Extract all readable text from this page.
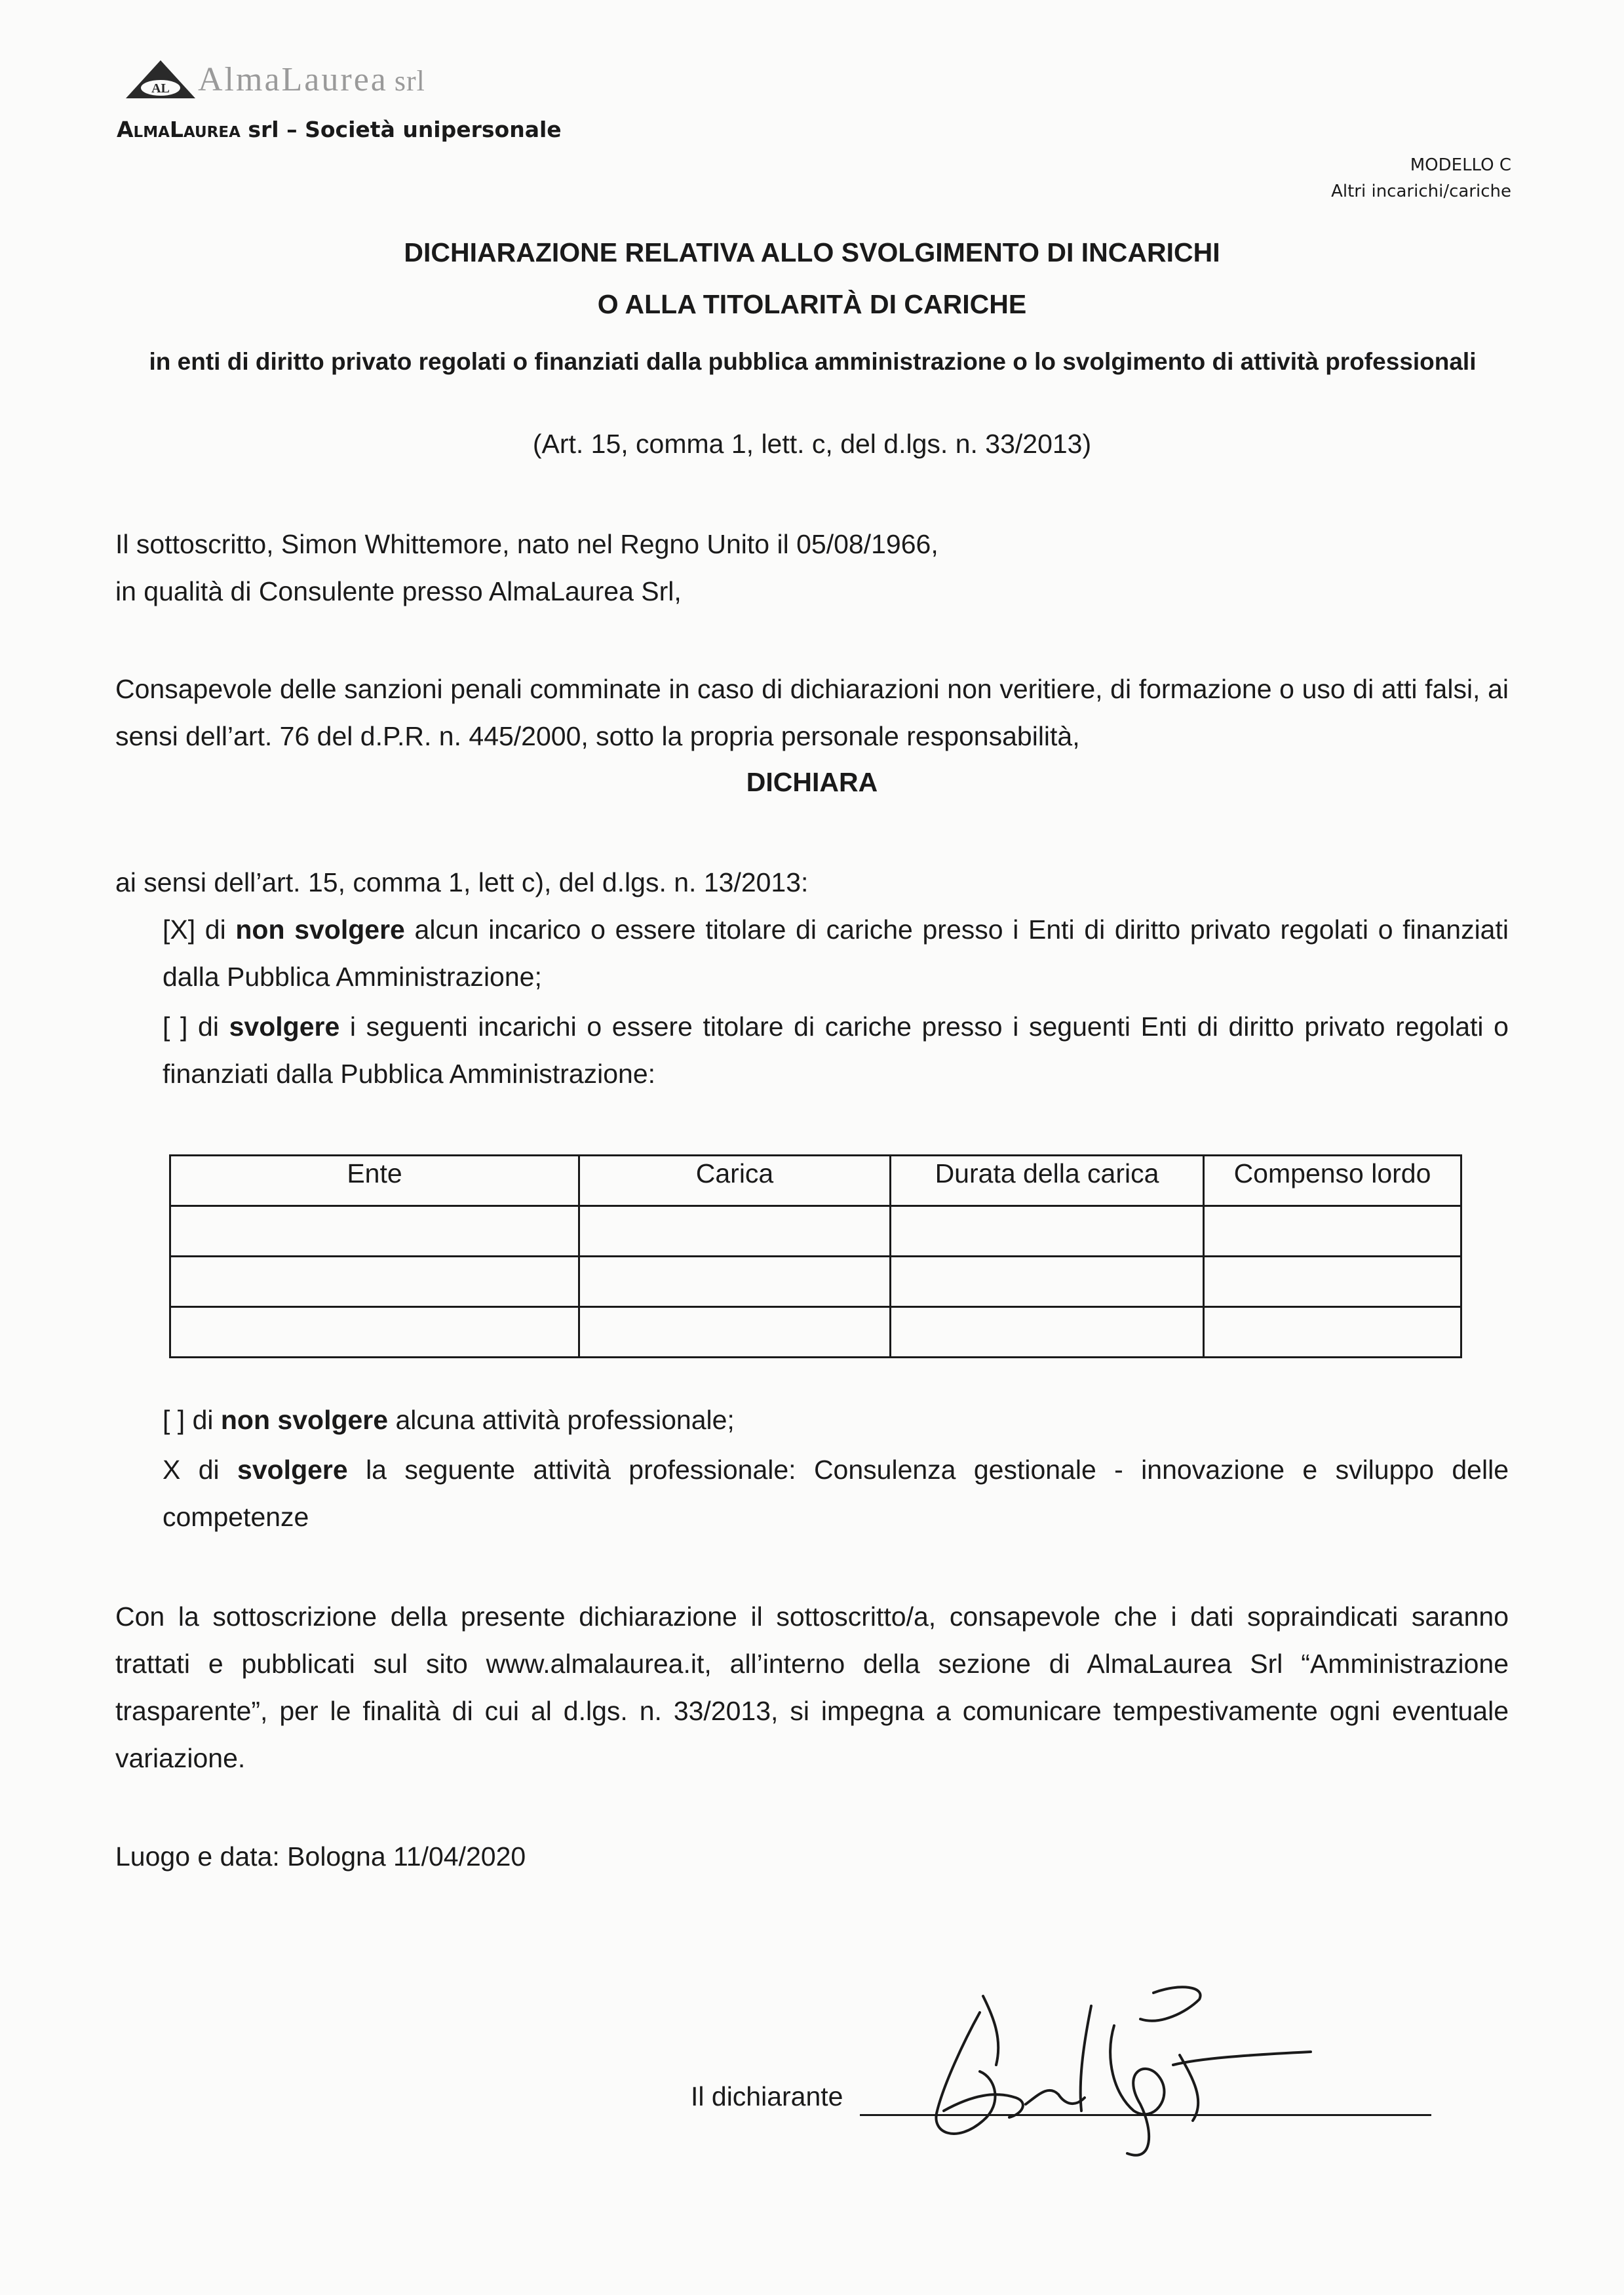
AL AlmaLaurea srl
AlmaLaurea srl – Società unipersonale
MODELLO C
Altri incarichi/cariche
DICHIARAZIONE RELATIVA ALLO SVOLGIMENTO DI INCARICHI
O ALLA TITOLARITÀ DI CARICHE
in enti di diritto privato regolati o finanziati dalla pubblica amministrazione o lo svolgimento di attività professionali
(Art. 15, comma 1, lett. c, del d.lgs. n. 33/2013)
Il sottoscritto, Simon Whittemore, nato nel Regno Unito il 05/08/1966,
in qualità di Consulente presso AlmaLaurea Srl,
Consapevole delle sanzioni penali comminate in caso di dichiarazioni non veritiere, di formazione o uso di atti falsi, ai sensi dell’art. 76 del d.P.R. n. 445/2000, sotto la propria personale responsabilità,
DICHIARA
ai sensi dell’art. 15, comma 1, lett c), del d.lgs. n. 13/2013:
[X] di non svolgere alcun incarico o essere titolare di cariche presso i Enti di diritto privato regolati o finanziati dalla Pubblica Amministrazione;
[ ] di svolgere i seguenti incarichi o essere titolare di cariche presso i seguenti Enti di diritto privato regolati o finanziati dalla Pubblica Amministrazione:
Ente	Carica	Durata della carica	Compenso lordo

[ ] di non svolgere alcuna attività professionale;
X di svolgere la seguente attività professionale: Consulenza gestionale - innovazione e sviluppo delle competenze
Con la sottoscrizione della presente dichiarazione il sottoscritto/a, consapevole che i dati sopraindicati saranno trattati e pubblicati sul sito www.almalaurea.it, all’interno della sezione di AlmaLaurea Srl “Amministrazione trasparente”, per le finalità di cui al d.lgs. n. 33/2013, si impegna a comunicare tempestivamente ogni eventuale variazione.
Luogo e data: Bologna 11/04/2020
Il dichiarante
